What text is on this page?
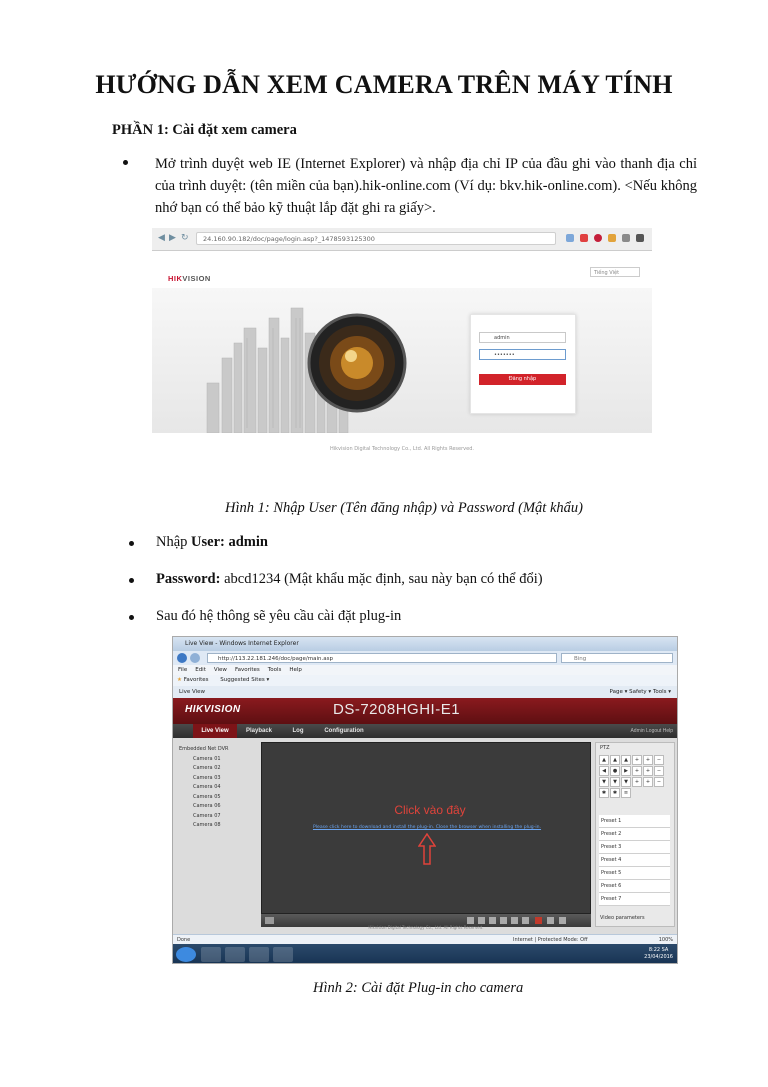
HƯỚNG DẪN XEM CAMERA TRÊN MÁY TÍNH
PHẦN 1: Cài đặt xem camera
Mở trình duyệt web IE (Internet Explorer) và nhập địa chỉ IP của đầu ghi vào thanh địa chỉ của trình duyệt: (tên miền của bạn).hik-online.com (Ví dụ: bkv.hik-online.com). <Nếu không nhớ bạn có thể bảo kỹ thuật lắp đặt ghi ra giấy>.
◀ ▶ ↻	24.160.90.182/doc/page/login.asp?_1478593125300
HIKVISION
Tiếng Việt
admin
•••••••
Đăng nhập
Hikvision Digital Technology Co., Ltd. All Rights Reserved.
Hình 1: Nhập User (Tên đăng nhập) và Password (Mật khẩu)
Nhập User: admin
Password: abcd1234 (Mật khẩu mặc định, sau này bạn có thể đổi)
Sau đó hệ thông sẽ yêu cầu cài đặt plug-in
Live View - Windows Internet Explorer
http://113.22.181.246/doc/page/main.asp	Bing
File Edit View Favorites Tools Help
★ Favorites Suggested Sites ▾
Live View	Page ▾ Safety ▾ Tools ▾
HIKVISION	DS-7208HGHI-E1
Live View	Playback	Log	Configuration	Admin Logout Help
Embedded Net DVR
Camera 01
Camera 02
Camera 03
Camera 04
Camera 05
Camera 06
Camera 07
Camera 08
Click vào đây
Please click here to download and install the plug-in. Close the browser when installing the plug-in.
PTZ
▲ ▲ ▲ + + − ◀ ● ▶ + + − ▼ ▼ ▼ + + − ✱ ✱ ≡
Preset 1
Preset 2
Preset 3
Preset 4
Preset 5
Preset 6
Preset 7
Video parameters
Hikvision Digital Technology Co., Ltd. All Rights Reserved.
Done	Internet | Protected Mode: Off	100%
8:22 SA
23/04/2016
Hình 2: Cài đặt Plug-in cho camera
